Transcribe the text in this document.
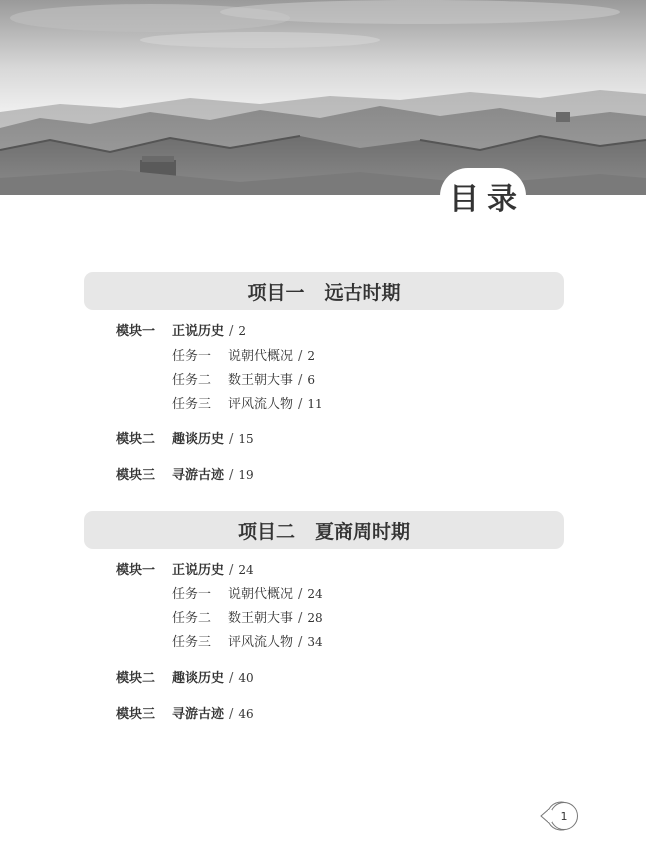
目 录
项目一 远古时期
模块一 正说历史 / 2
任务一 说朝代概况 / 2
任务二 数王朝大事 / 6
任务三 评风流人物 / 11
模块二 趣谈历史 / 15
模块三 寻游古迹 / 19
项目二 夏商周时期
模块一 正说历史 / 24
任务一 说朝代概况 / 24
任务二 数王朝大事 / 28
任务三 评风流人物 / 34
模块二 趣谈历史 / 40
模块三 寻游古迹 / 46
1
